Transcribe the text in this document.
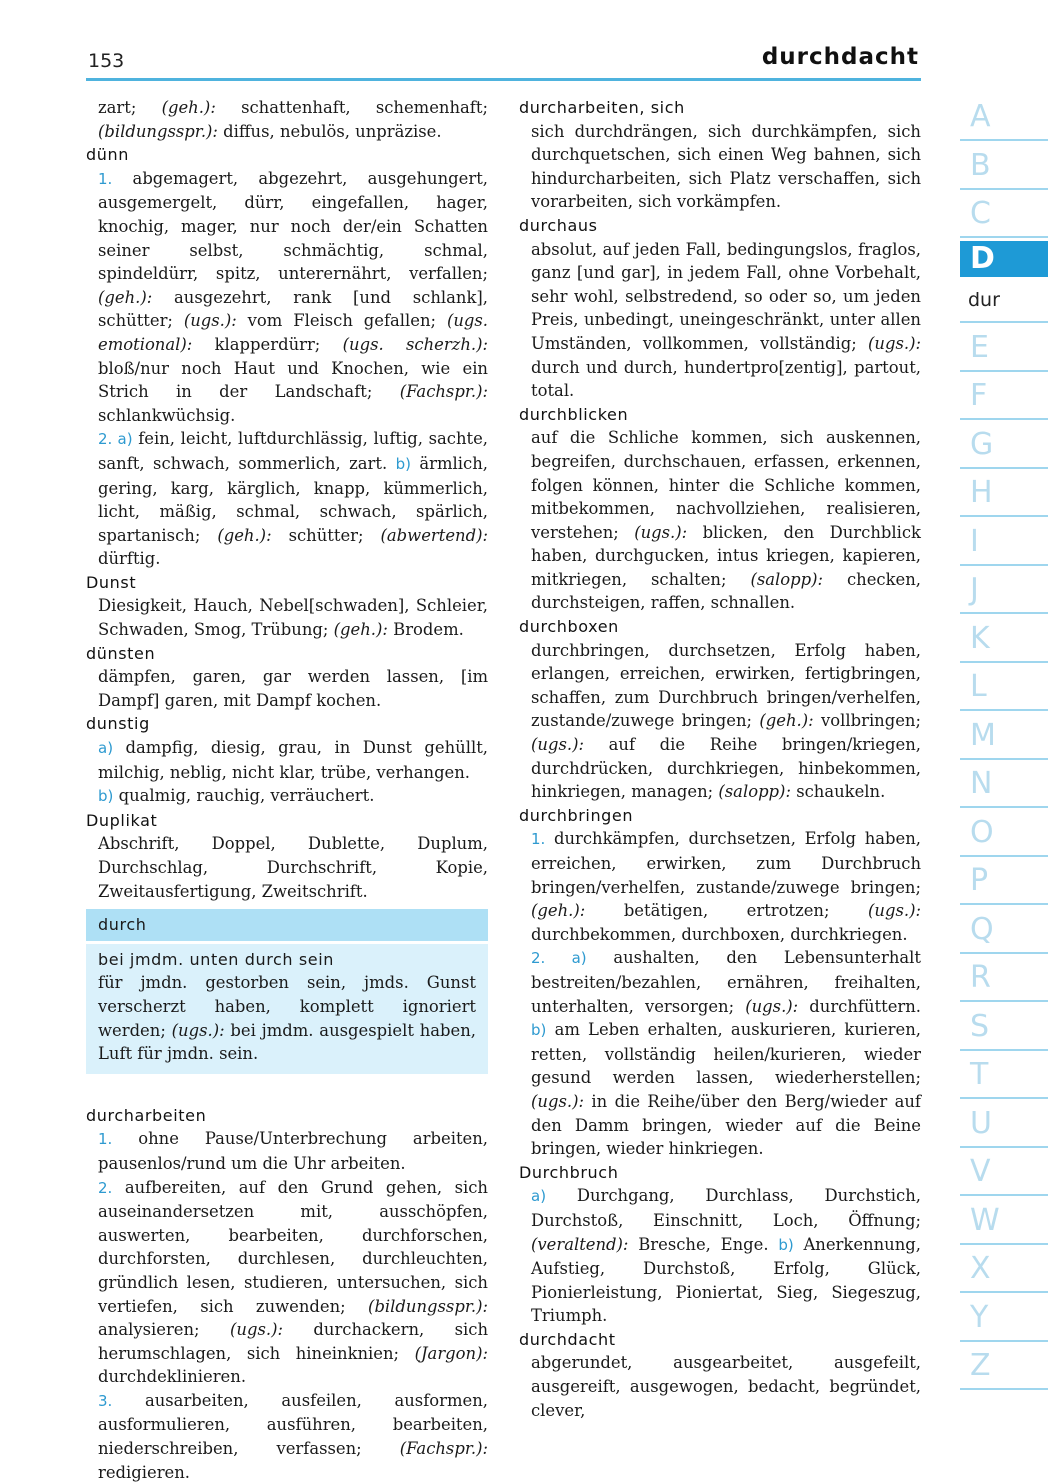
153	durchdacht
zart; (geh.): schattenhaft, schemenhaft; (bildungsspr.): diffus, nebulös, unpräzise.
dünn
1. abgemagert, abgezehrt, ausgehungert, ausgemergelt, dürr, eingefallen, hager, knochig, mager, nur noch der/ein Schatten seiner selbst, schmächtig, schmal, spindeldürr, spitz, unterernährt, verfallen; (geh.): ausgezehrt, rank [und schlank], schütter; (ugs.): vom Fleisch gefallen; (ugs. emotional): klapperdürr; (ugs. scherzh.): bloß/nur noch Haut und Knochen, wie ein Strich in der Landschaft; (Fachspr.): schlankwüchsig.
2. a) fein, leicht, luftdurchlässig, luftig, sachte, sanft, schwach, sommerlich, zart. b) ärmlich, gering, karg, kärglich, knapp, kümmerlich, licht, mäßig, schmal, schwach, spärlich, spartanisch; (geh.): schütter; (abwertend): dürftig.
Dunst
Diesigkeit, Hauch, Nebel[schwaden], Schleier, Schwaden, Smog, Trübung; (geh.): Brodem.
dünsten
dämpfen, garen, gar werden lassen, [im Dampf] garen, mit Dampf kochen.
dunstig
a) dampfig, diesig, grau, in Dunst gehüllt, milchig, neblig, nicht klar, trübe, verhangen.
b) qualmig, rauchig, verräuchert.
Duplikat
Abschrift, Doppel, Dublette, Duplum, Durchschlag, Durchschrift, Kopie, Zweitausfertigung, Zweitschrift.
durch
bei jmdm. unten durch sein
für jmdn. gestorben sein, jmds. Gunst verscherzt haben, komplett ignoriert werden; (ugs.): bei jmdm. ausgespielt haben, Luft für jmdn. sein.
durcharbeiten
1. ohne Pause/Unterbrechung arbeiten, pausenlos/rund um die Uhr arbeiten.
2. aufbereiten, auf den Grund gehen, sich auseinandersetzen mit, ausschöpfen, auswerten, bearbeiten, durchforschen, durchforsten, durchlesen, durchleuchten, gründlich lesen, studieren, untersuchen, sich vertiefen, sich zuwenden; (bildungsspr.): analysieren; (ugs.): durchackern, sich herumschlagen, sich hineinknien; (Jargon): durchdeklinieren.
3. ausarbeiten, ausfeilen, ausformen, ausformulieren, ausführen, bearbeiten, niederschreiben, verfassen; (Fachspr.): redigieren.
durcharbeiten, sich
sich durchdrängen, sich durchkämpfen, sich durchquetschen, sich einen Weg bahnen, sich hindurcharbeiten, sich Platz verschaffen, sich vorarbeiten, sich vorkämpfen.
durchaus
absolut, auf jeden Fall, bedingungslos, fraglos, ganz [und gar], in jedem Fall, ohne Vorbehalt, sehr wohl, selbstredend, so oder so, um jeden Preis, unbedingt, uneingeschränkt, unter allen Umständen, vollkommen, vollständig; (ugs.): durch und durch, hundertpro[zentig], partout, total.
durchblicken
auf die Schliche kommen, sich auskennen, begreifen, durchschauen, erfassen, erkennen, folgen können, hinter die Schliche kommen, mitbekommen, nachvollziehen, realisieren, verstehen; (ugs.): blicken, den Durchblick haben, durchgucken, intus kriegen, kapieren, mitkriegen, schalten; (salopp): checken, durchsteigen, raffen, schnallen.
durchboxen
durchbringen, durchsetzen, Erfolg haben, erlangen, erreichen, erwirken, fertigbringen, schaffen, zum Durchbruch bringen/verhelfen, zustande/zuwege bringen; (geh.): vollbringen; (ugs.): auf die Reihe bringen/kriegen, durchdrücken, durchkriegen, hinbekommen, hinkriegen, managen; (salopp): schaukeln.
durchbringen
1. durchkämpfen, durchsetzen, Erfolg haben, erreichen, erwirken, zum Durchbruch bringen/verhelfen, zustande/zuwege bringen; (geh.): betätigen, ertrotzen; (ugs.): durchbekommen, durchboxen, durchkriegen.
2. a) aushalten, den Lebensunterhalt bestreiten/bezahlen, ernähren, freihalten, unterhalten, versorgen; (ugs.): durchfüttern. b) am Leben erhalten, auskurieren, kurieren, retten, vollständig heilen/kurieren, wieder gesund werden lassen, wiederherstellen; (ugs.): in die Reihe/über den Berg/wieder auf den Damm bringen, wieder auf die Beine bringen, wieder hinkriegen.
Durchbruch
a) Durchgang, Durchlass, Durchstich, Durchstoß, Einschnitt, Loch, Öffnung; (veraltend): Bresche, Enge. b) Anerkennung, Aufstieg, Durchstoß, Erfolg, Glück, Pionierleistung, Pioniertat, Sieg, Siegeszug, Triumph.
durchdacht
abgerundet, ausgearbeitet, ausgefeilt, ausgereift, ausgewogen, bedacht, begründet, clever,
A
B
C
D
dur
E
F
G
H
I
J
K
L
M
N
O
P
Q
R
S
T
U
V
W
X
Y
Z
